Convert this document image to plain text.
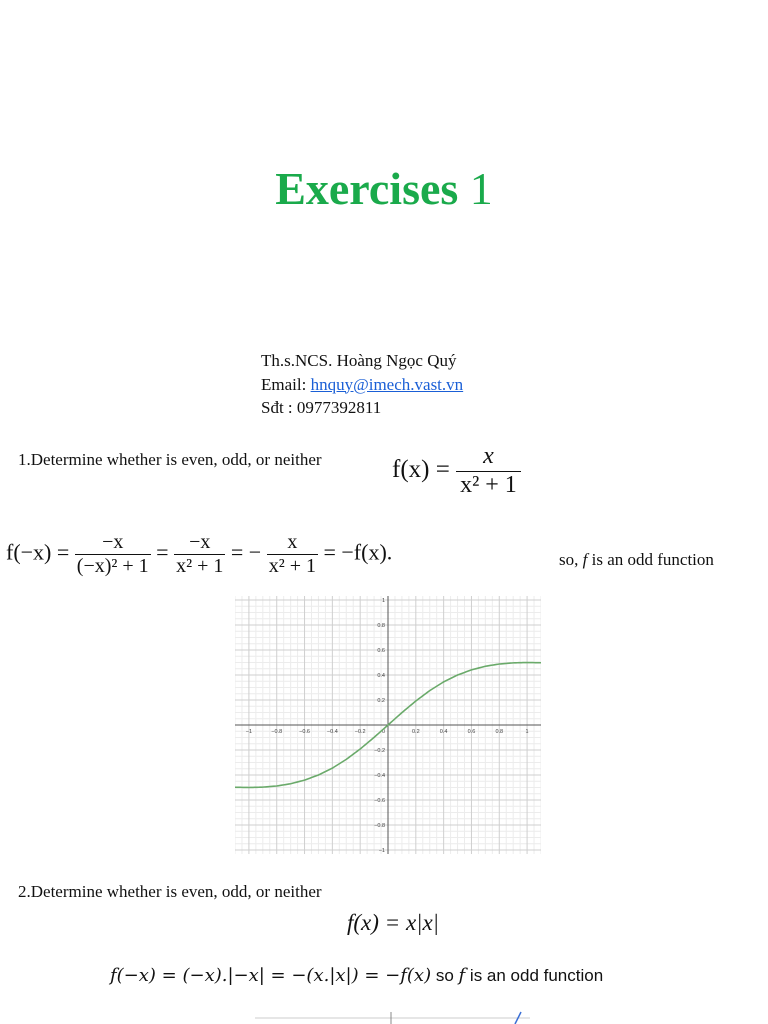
Exercises 1
Th.s.NCS. Hoàng Ngọc Quý
Email: hnquy@imech.vast.vn
Sđt : 0977392811
1.Determine whether is even, odd, or neither	$f(x) = \frac{x}{\text{x² + 1}}$
$f(-x) = \frac{-x}{\text{(−x)² + 1}} = \frac{-x}{\text{x² + 1}}$ = − $\frac{x}{\text{x² + 1}} = -f(x)$.	so, f is an odd function
−1	−0.8	−0.6	−0.4	−0.2	0.2	0.4	0.6	0.8	1
1
0.8
0.6
0.4
0.2
−0.2
−0.4
−0.6
−0.8
−1
0
2.Determine whether is even, odd, or neither
f(x) = x|x|
f(−x) = (−x).|−x| = −(x.|x|) = −f(x) so f is an odd function
